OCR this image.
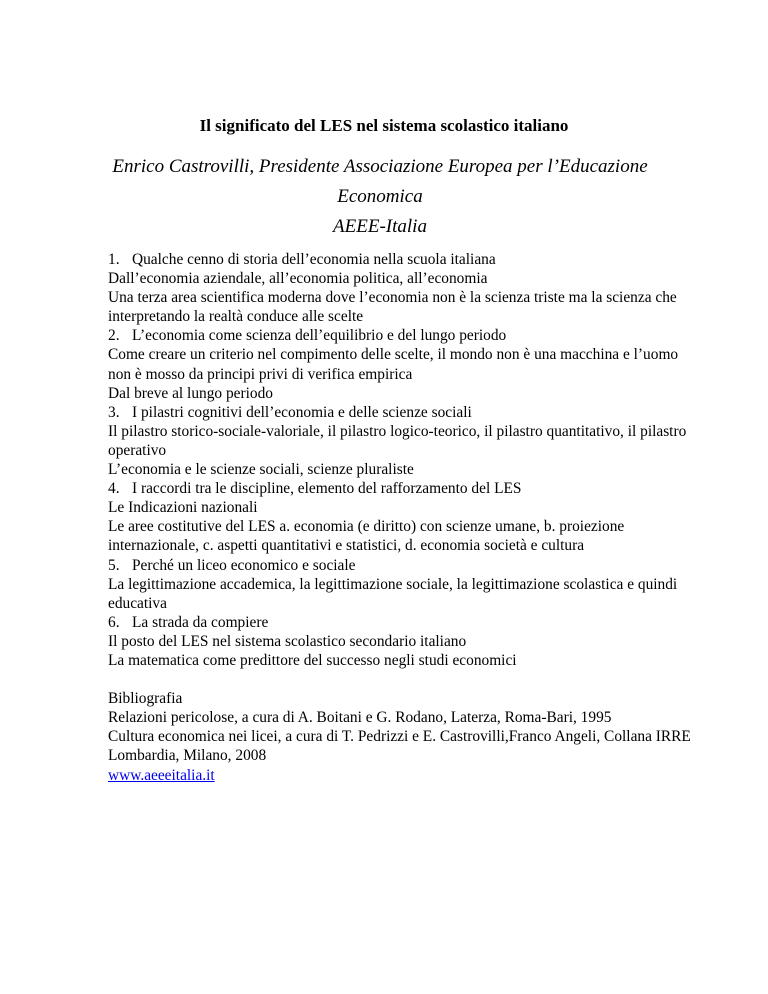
Il significato del LES nel sistema scolastico italiano
Enrico Castrovilli, Presidente Associazione Europea per l’Educazione Economica
AEEE-Italia
1. Qualche cenno di storia dell’economia nella scuola italiana
Dall’economia aziendale, all’economia politica, all’economia
Una terza area scientifica moderna dove l’economia non è la scienza triste ma la scienza che
interpretando la realtà conduce alle scelte
2. L’economia come scienza dell’equilibrio e del lungo periodo
Come creare un criterio nel compimento delle scelte, il mondo non è una macchina e l’uomo
non è mosso da principi privi di verifica empirica
Dal breve al lungo periodo
3. I pilastri cognitivi dell’economia e delle scienze sociali
Il pilastro storico-sociale-valoriale, il pilastro logico-teorico, il pilastro quantitativo, il pilastro
operativo
L’economia e le scienze sociali, scienze pluraliste
4. I raccordi tra le discipline, elemento del rafforzamento del LES
Le Indicazioni nazionali
Le aree costitutive del LES a. economia (e diritto) con scienze umane, b. proiezione
internazionale, c. aspetti quantitativi e statistici, d. economia società e cultura
5. Perché un liceo economico e sociale
La legittimazione accademica, la legittimazione sociale, la legittimazione scolastica e quindi
educativa
6. La strada da compiere
Il posto del LES nel sistema scolastico secondario italiano
La matematica come predittore del successo negli studi economici
Bibliografia
Relazioni pericolose, a cura di A. Boitani e G. Rodano, Laterza, Roma-Bari, 1995
Cultura economica nei licei, a cura di T. Pedrizzi e E. Castrovilli,Franco Angeli, Collana IRRE
Lombardia, Milano, 2008
www.aeeeitalia.it
